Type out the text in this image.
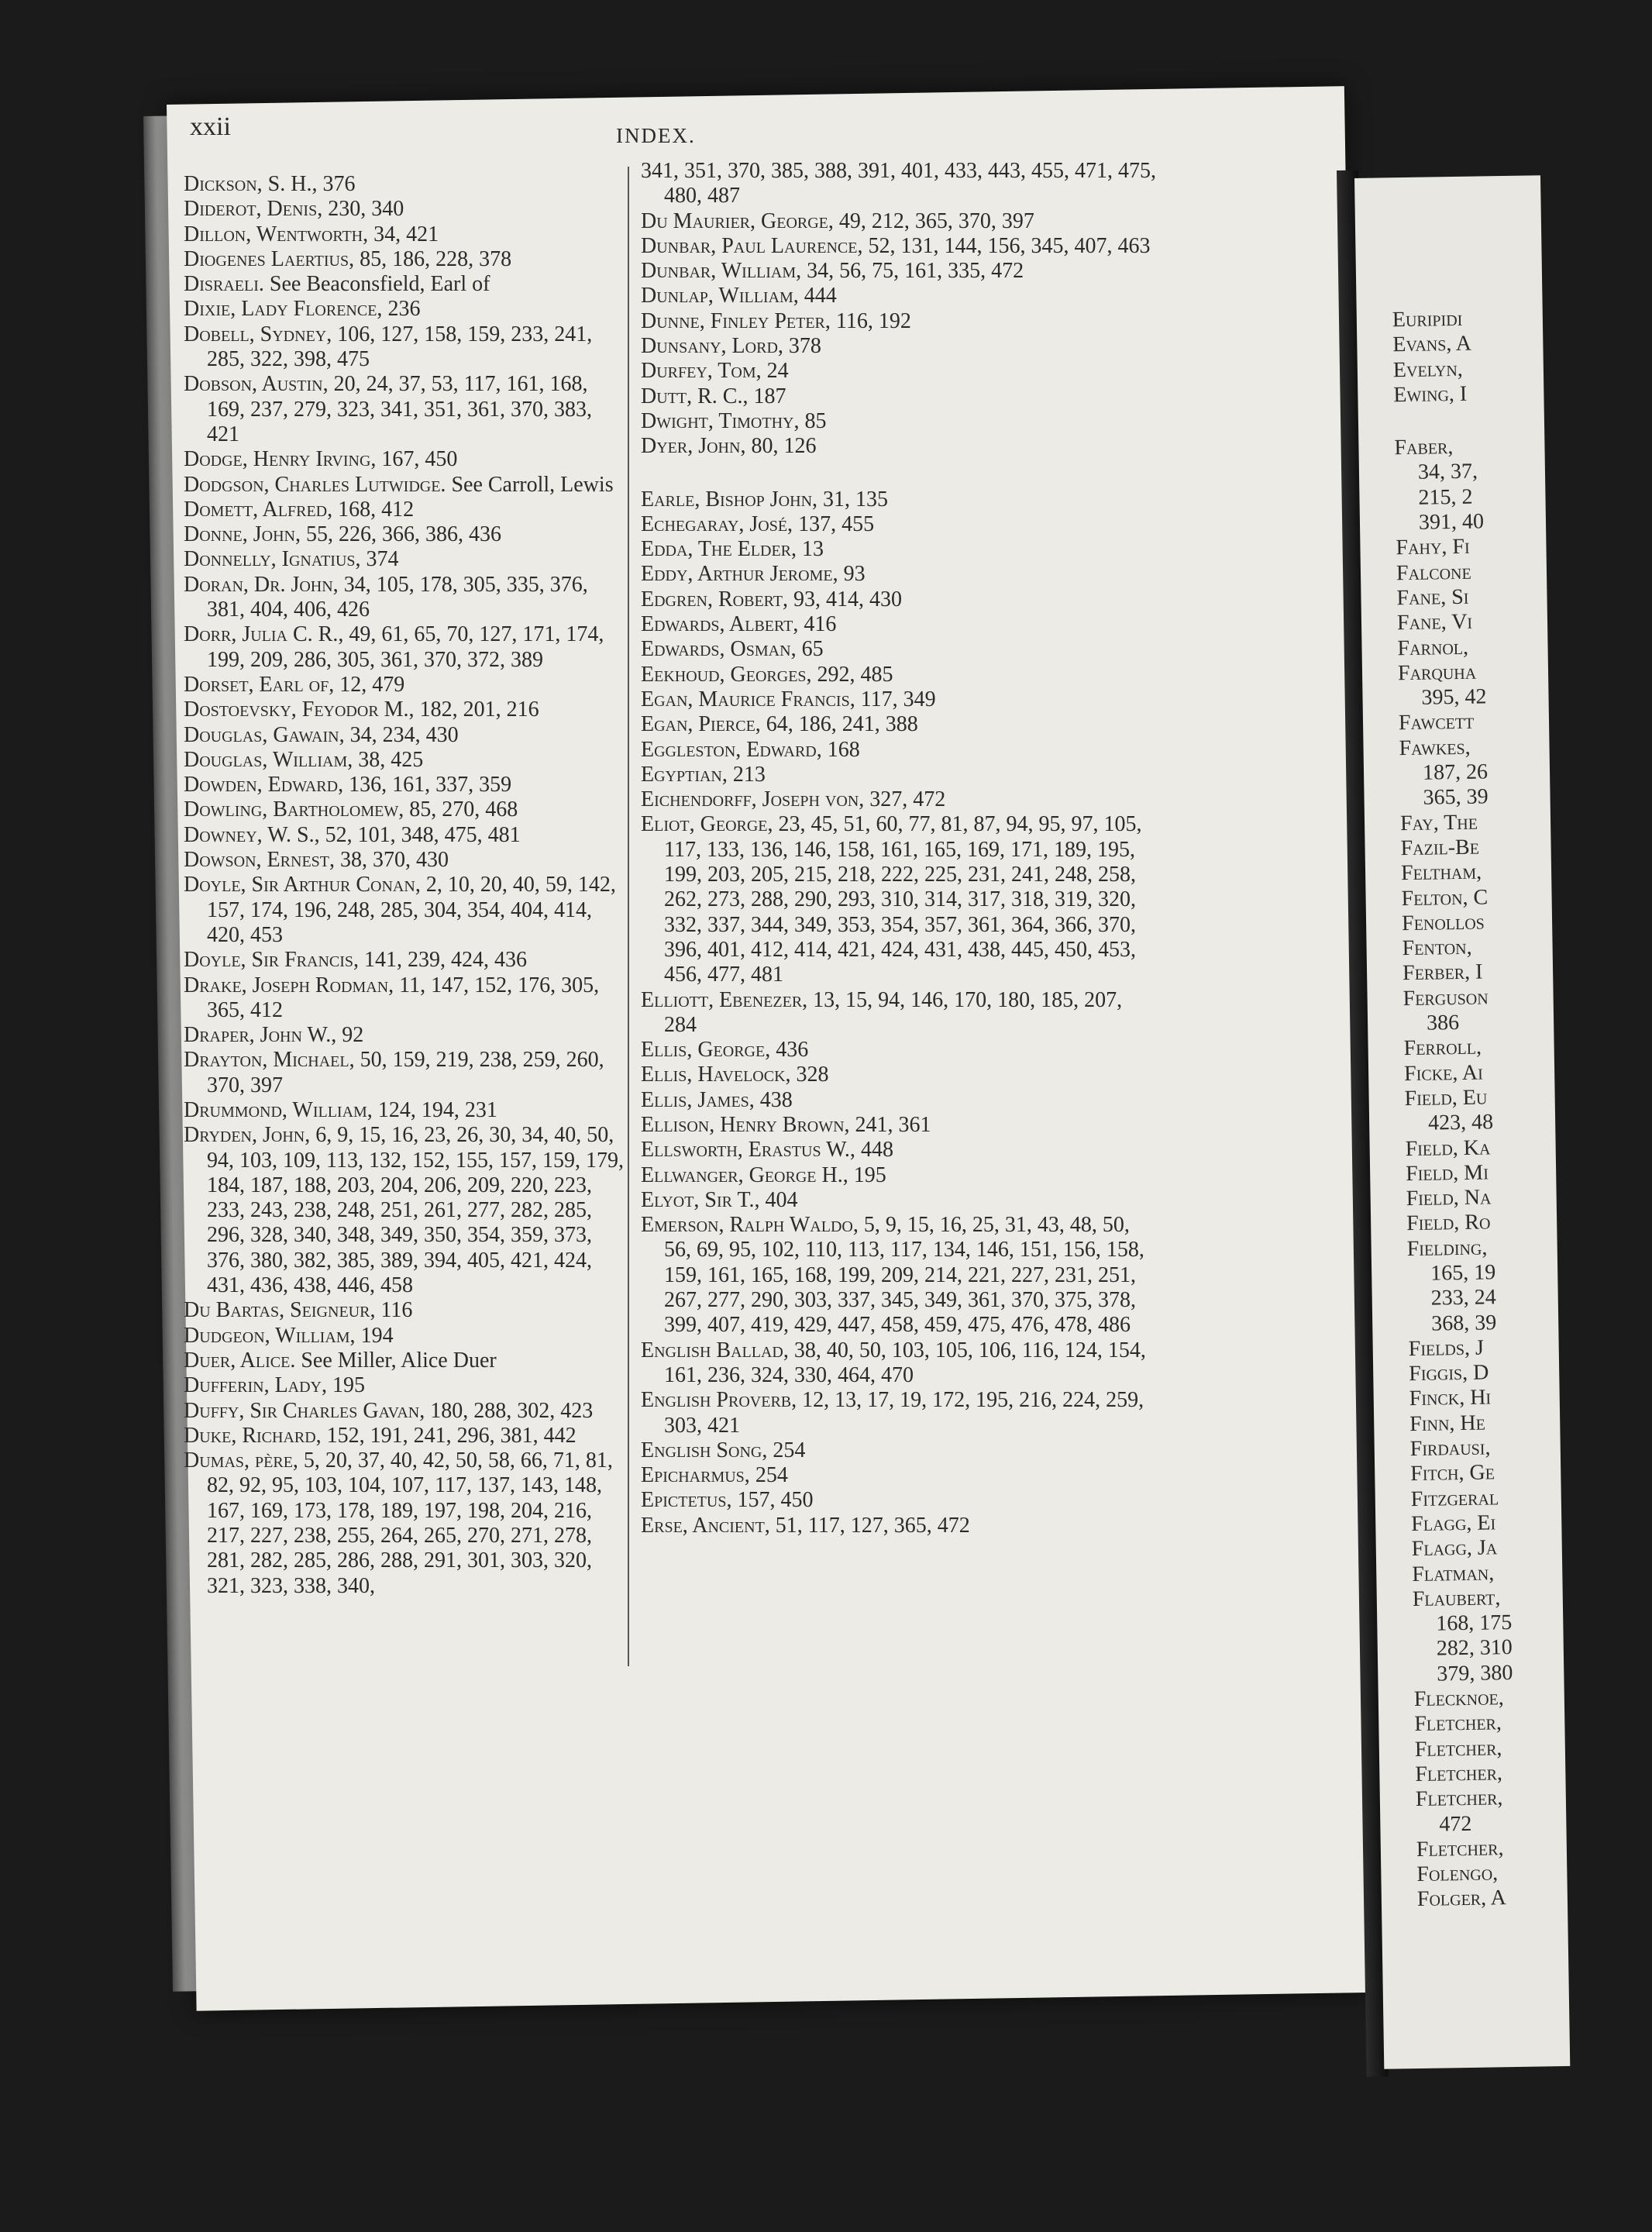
Euripidi

Evans, A

Evelyn,

Ewing, I

Faber,

34, 37,

215, 2

391, 40

Fahy, Fi

Falcone

Fane, Si

Fane, Vi

Farnol,

Farquha

395, 42

Fawcett

Fawkes,

187, 26

365, 39

Fay, The

Fazil-Be

Feltham,

Felton, C

Fenollos

Fenton,

Ferber, I

Ferguson

386

Ferroll,

Ficke, Ai

Field, Eu

423, 48

Field, Ka

Field, Mi

Field, Na

Field, Ro

Fielding,

165, 19

233, 24

368, 39

Fields, J

Figgis, D

Finck, Hi

Finn, He

Firdausi,

Fitch, Ge

Fitzgeral

Flagg, Ei

Flagg, Ja

Flatman,

Flaubert,

168, 175

282, 310

379, 380

Flecknoe,

Fletcher,

Fletcher,

Fletcher,

Fletcher,

472

Fletcher,

Folengo,

Folger, A

xxii	INDEX.

Dickson, S. H., 376

Diderot, Denis, 230, 340

Dillon, Wentworth, 34, 421

Diogenes Laertius, 85, 186, 228, 378

Disraeli. See Beaconsfield, Earl of

Dixie, Lady Florence, 236

Dobell, Sydney, 106, 127, 158, 159, 233, 241, 285, 322, 398, 475

Dobson, Austin, 20, 24, 37, 53, 117, 161, 168, 169, 237, 279, 323, 341, 351, 361, 370, 383, 421

Dodge, Henry Irving, 167, 450

Dodgson, Charles Lutwidge. See Carroll, Lewis

Domett, Alfred, 168, 412

Donne, John, 55, 226, 366, 386, 436

Donnelly, Ignatius, 374

Doran, Dr. John, 34, 105, 178, 305, 335, 376, 381, 404, 406, 426

Dorr, Julia C. R., 49, 61, 65, 70, 127, 171, 174, 199, 209, 286, 305, 361, 370, 372, 389

Dorset, Earl of, 12, 479

Dostoevsky, Feyodor M., 182, 201, 216

Douglas, Gawain, 34, 234, 430

Douglas, William, 38, 425

Dowden, Edward, 136, 161, 337, 359

Dowling, Bartholomew, 85, 270, 468

Downey, W. S., 52, 101, 348, 475, 481

Dowson, Ernest, 38, 370, 430

Doyle, Sir Arthur Conan, 2, 10, 20, 40, 59, 142, 157, 174, 196, 248, 285, 304, 354, 404, 414, 420, 453

Doyle, Sir Francis, 141, 239, 424, 436

Drake, Joseph Rodman, 11, 147, 152, 176, 305, 365, 412

Draper, John W., 92

Drayton, Michael, 50, 159, 219, 238, 259, 260, 370, 397

Drummond, William, 124, 194, 231

Dryden, John, 6, 9, 15, 16, 23, 26, 30, 34, 40, 50, 94, 103, 109, 113, 132, 152, 155, 157, 159, 179, 184, 187, 188, 203, 204, 206, 209, 220, 223, 233, 243, 238, 248, 251, 261, 277, 282, 285, 296, 328, 340, 348, 349, 350, 354, 359, 373, 376, 380, 382, 385, 389, 394, 405, 421, 424, 431, 436, 438, 446, 458

Du Bartas, Seigneur, 116

Dudgeon, William, 194

Duer, Alice. See Miller, Alice Duer

Dufferin, Lady, 195

Duffy, Sir Charles Gavan, 180, 288, 302, 423

Duke, Richard, 152, 191, 241, 296, 381, 442

Dumas, père, 5, 20, 37, 40, 42, 50, 58, 66, 71, 81, 82, 92, 95, 103, 104, 107, 117, 137, 143, 148, 167, 169, 173, 178, 189, 197, 198, 204, 216, 217, 227, 238, 255, 264, 265, 270, 271, 278, 281, 282, 285, 286, 288, 291, 301, 303, 320, 321, 323, 338, 340,

341, 351, 370, 385, 388, 391, 401, 433, 443, 455, 471, 475, 480, 487

Du Maurier, George, 49, 212, 365, 370, 397

Dunbar, Paul Laurence, 52, 131, 144, 156, 345, 407, 463

Dunbar, William, 34, 56, 75, 161, 335, 472

Dunlap, William, 444

Dunne, Finley Peter, 116, 192

Dunsany, Lord, 378

Durfey, Tom, 24

Dutt, R. C., 187

Dwight, Timothy, 85

Dyer, John, 80, 126

Earle, Bishop John, 31, 135

Echegaray, José, 137, 455

Edda, The Elder, 13

Eddy, Arthur Jerome, 93

Edgren, Robert, 93, 414, 430

Edwards, Albert, 416

Edwards, Osman, 65

Eekhoud, Georges, 292, 485

Egan, Maurice Francis, 117, 349

Egan, Pierce, 64, 186, 241, 388

Eggleston, Edward, 168

Egyptian, 213

Eichendorff, Joseph von, 327, 472

Eliot, George, 23, 45, 51, 60, 77, 81, 87, 94, 95, 97, 105, 117, 133, 136, 146, 158, 161, 165, 169, 171, 189, 195, 199, 203, 205, 215, 218, 222, 225, 231, 241, 248, 258, 262, 273, 288, 290, 293, 310, 314, 317, 318, 319, 320, 332, 337, 344, 349, 353, 354, 357, 361, 364, 366, 370, 396, 401, 412, 414, 421, 424, 431, 438, 445, 450, 453, 456, 477, 481

Elliott, Ebenezer, 13, 15, 94, 146, 170, 180, 185, 207, 284

Ellis, George, 436

Ellis, Havelock, 328

Ellis, James, 438

Ellison, Henry Brown, 241, 361

Ellsworth, Erastus W., 448

Ellwanger, George H., 195

Elyot, Sir T., 404

Emerson, Ralph Waldo, 5, 9, 15, 16, 25, 31, 43, 48, 50, 56, 69, 95, 102, 110, 113, 117, 134, 146, 151, 156, 158, 159, 161, 165, 168, 199, 209, 214, 221, 227, 231, 251, 267, 277, 290, 303, 337, 345, 349, 361, 370, 375, 378, 399, 407, 419, 429, 447, 458, 459, 475, 476, 478, 486

English Ballad, 38, 40, 50, 103, 105, 106, 116, 124, 154, 161, 236, 324, 330, 464, 470

English Proverb, 12, 13, 17, 19, 172, 195, 216, 224, 259, 303, 421

English Song, 254

Epicharmus, 254

Epictetus, 157, 450

Erse, Ancient, 51, 117, 127, 365, 472
